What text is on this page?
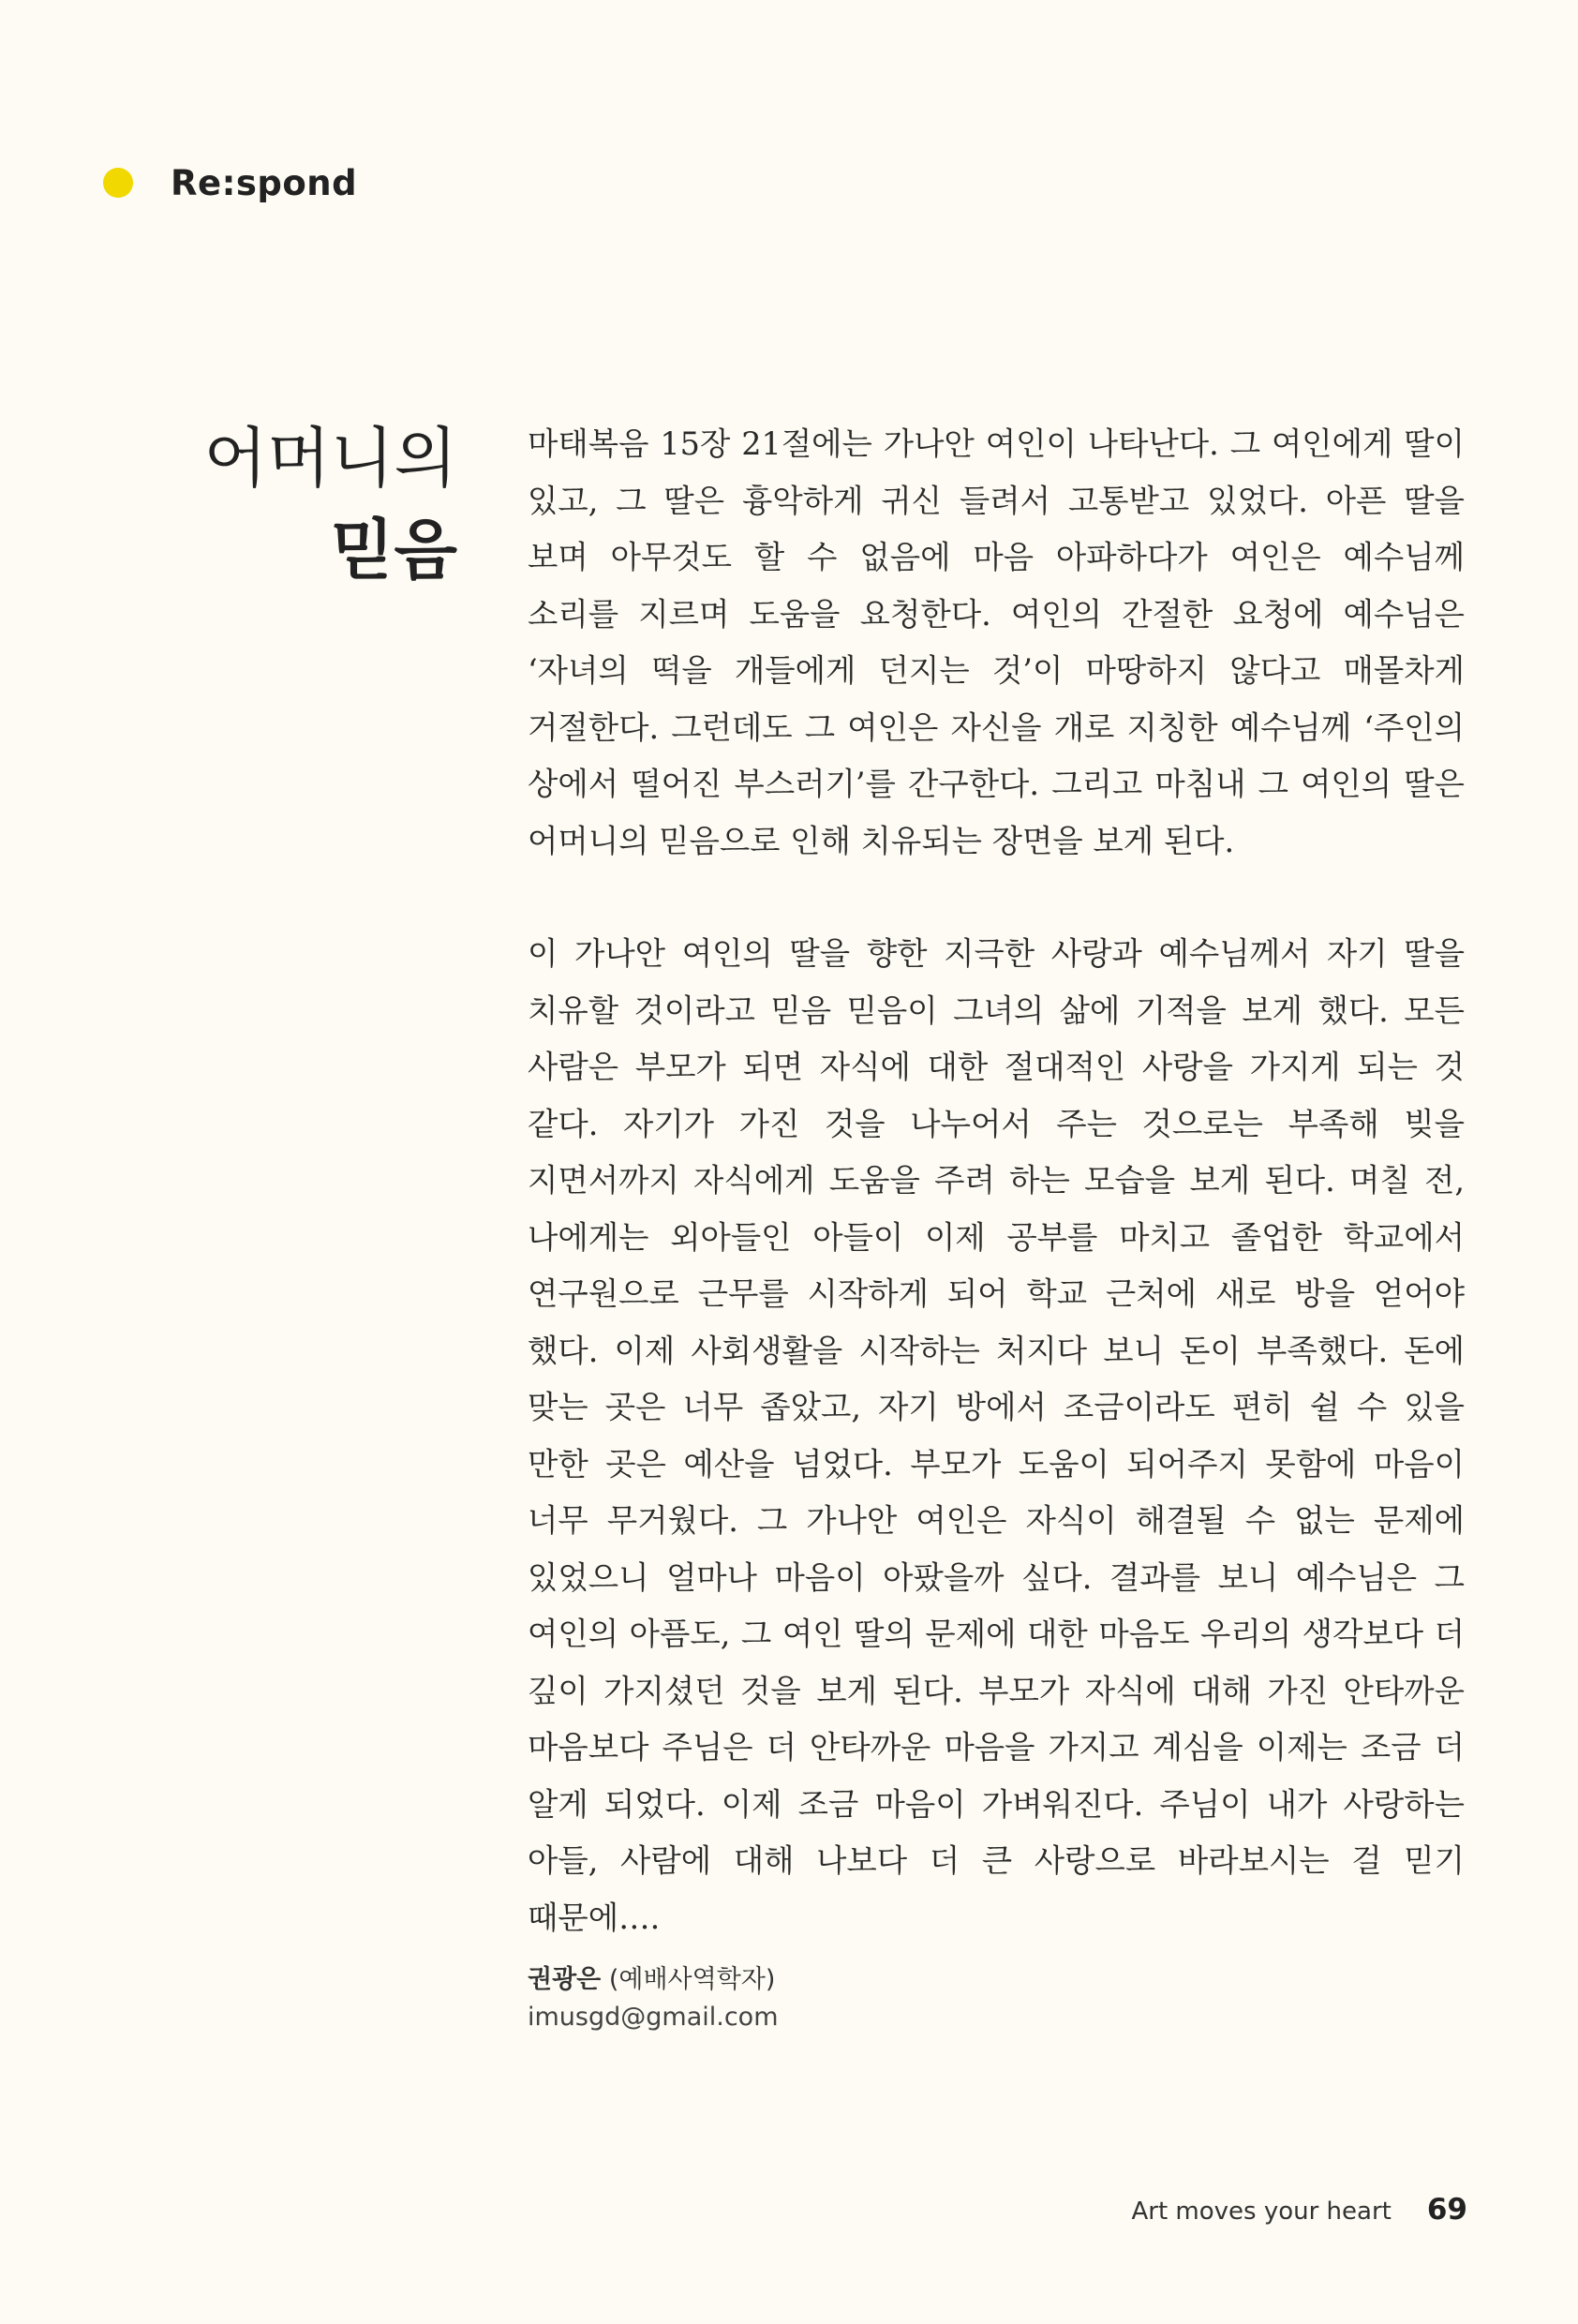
Re:spond
어머니의
믿음

마태복음 15장 21절에는 가나안 여인이 나타난다. 그 여인에게 딸이 있고, 그 딸은 흉악하게 귀신 들려서 고통받고 있었다. 아픈 딸을 보며 아무것도 할 수 없음에 마음 아파하다가 여인은 예수님께 소리를 지르며 도움을 요청한다. 여인의 간절한 요청에 예수님은 ‘자녀의 떡을 개들에게 던지는 것’이 마땅하지 않다고 매몰차게 거절한다. 그런데도 그 여인은 자신을 개로 지칭한 예수님께 ‘주인의 상에서 떨어진 부스러기’를 간구한다. 그리고 마침내 그 여인의 딸은 어머니의 믿음으로 인해 치유되는 장면을 보게 된다.

이 가나안 여인의 딸을 향한 지극한 사랑과 예수님께서 자기 딸을 치유할 것이라고 믿음 믿음이 그녀의 삶에 기적을 보게 했다. 모든 사람은 부모가 되면 자식에 대한 절대적인 사랑을 가지게 되는 것 같다. 자기가 가진 것을 나누어서 주는 것으로는 부족해 빚을 지면서까지 자식에게 도움을 주려 하는 모습을 보게 된다. 며칠 전, 나에게는 외아들인 아들이 이제 공부를 마치고 졸업한 학교에서 연구원으로 근무를 시작하게 되어 학교 근처에 새로 방을 얻어야 했다. 이제 사회생활을 시작하는 처지다 보니 돈이 부족했다. 돈에 맞는 곳은 너무 좁았고, 자기 방에서 조금이라도 편히 쉴 수 있을 만한 곳은 예산을 넘었다. 부모가 도움이 되어주지 못함에 마음이 너무 무거웠다. 그 가나안 여인은 자식이 해결될 수 없는 문제에 있었으니 얼마나 마음이 아팠을까 싶다. 결과를 보니 예수님은 그 여인의 아픔도, 그 여인 딸의 문제에 대한 마음도 우리의 생각보다 더 깊이 가지셨던 것을 보게 된다. 부모가 자식에 대해 가진 안타까운 마음보다 주님은 더 안타까운 마음을 가지고 계심을 이제는 조금 더 알게 되었다. 이제 조금 마음이 가벼워진다. 주님이 내가 사랑하는 아들, 사람에 대해 나보다 더 큰 사랑으로 바라보시는 걸 믿기 때문에….

권광은 (예배사역학자)
imusgd@gmail.com
Art moves your heart 69
